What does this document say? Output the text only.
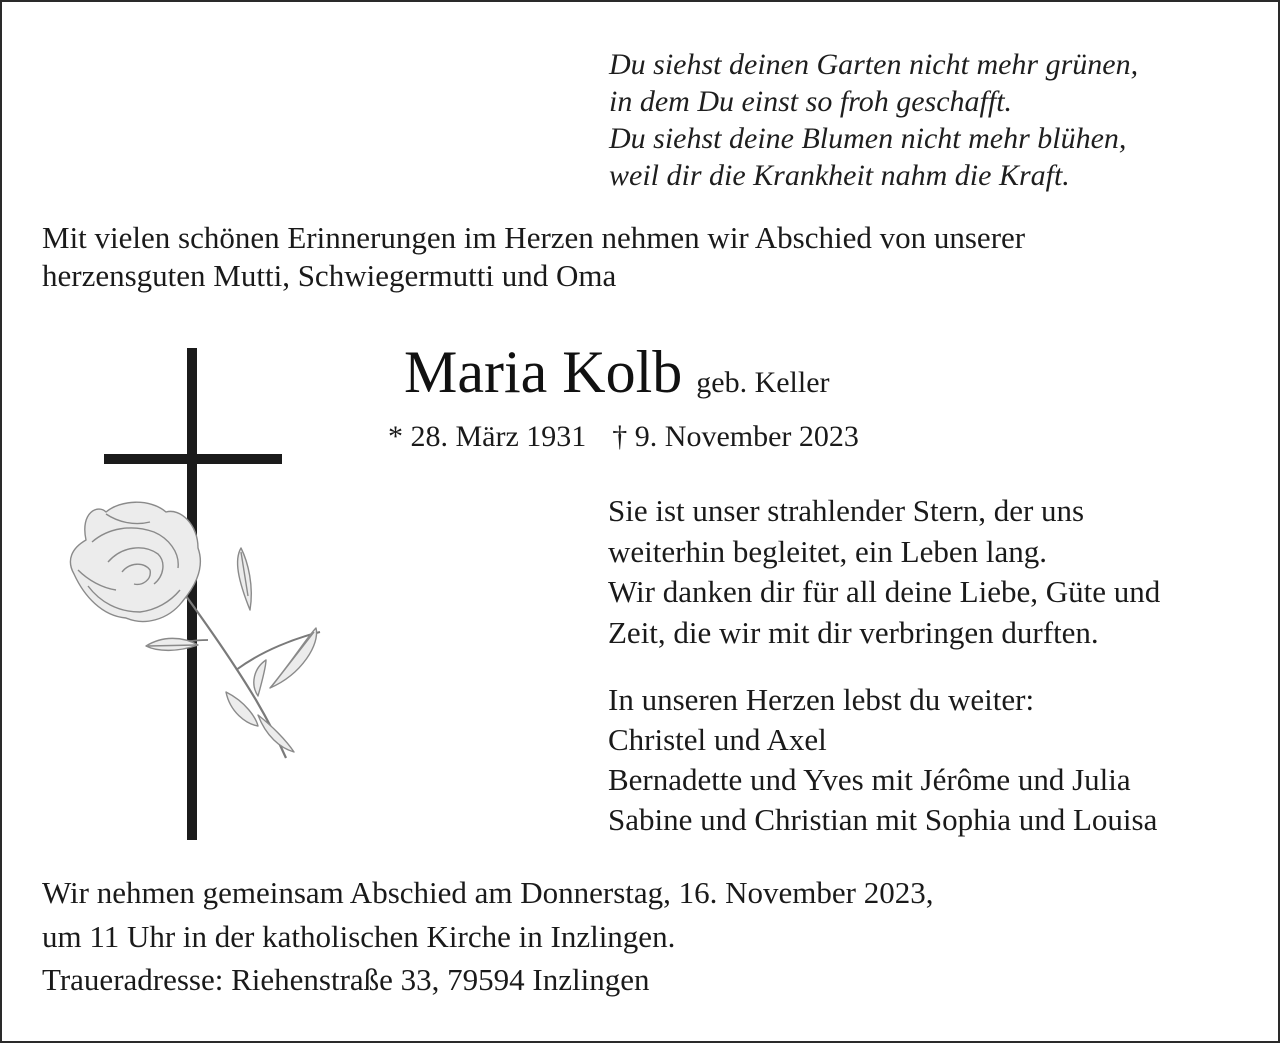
Du siehst deinen Garten nicht mehr grünen,
in dem Du einst so froh geschafft.
Du siehst deine Blumen nicht mehr blühen,
weil dir die Krankheit nahm die Kraft.
Mit vielen schönen Erinnerungen im Herzen nehmen wir Abschied von unserer
herzensguten Mutti, Schwiegermutti und Oma
Maria Kolb geb. Keller
* 28. März 1931 † 9. November 2023
Sie ist unser strahlender Stern, der uns
weiterhin begleitet, ein Leben lang.
Wir danken dir für all deine Liebe, Güte und
Zeit, die wir mit dir verbringen durften.
In unseren Herzen lebst du weiter:
Christel und Axel
Bernadette und Yves mit Jérôme und Julia
Sabine und Christian mit Sophia und Louisa
Wir nehmen gemeinsam Abschied am Donnerstag, 16. November 2023,
um 11 Uhr in der katholischen Kirche in Inzlingen.
Traueradresse: Riehenstraße 33, 79594 Inzlingen
